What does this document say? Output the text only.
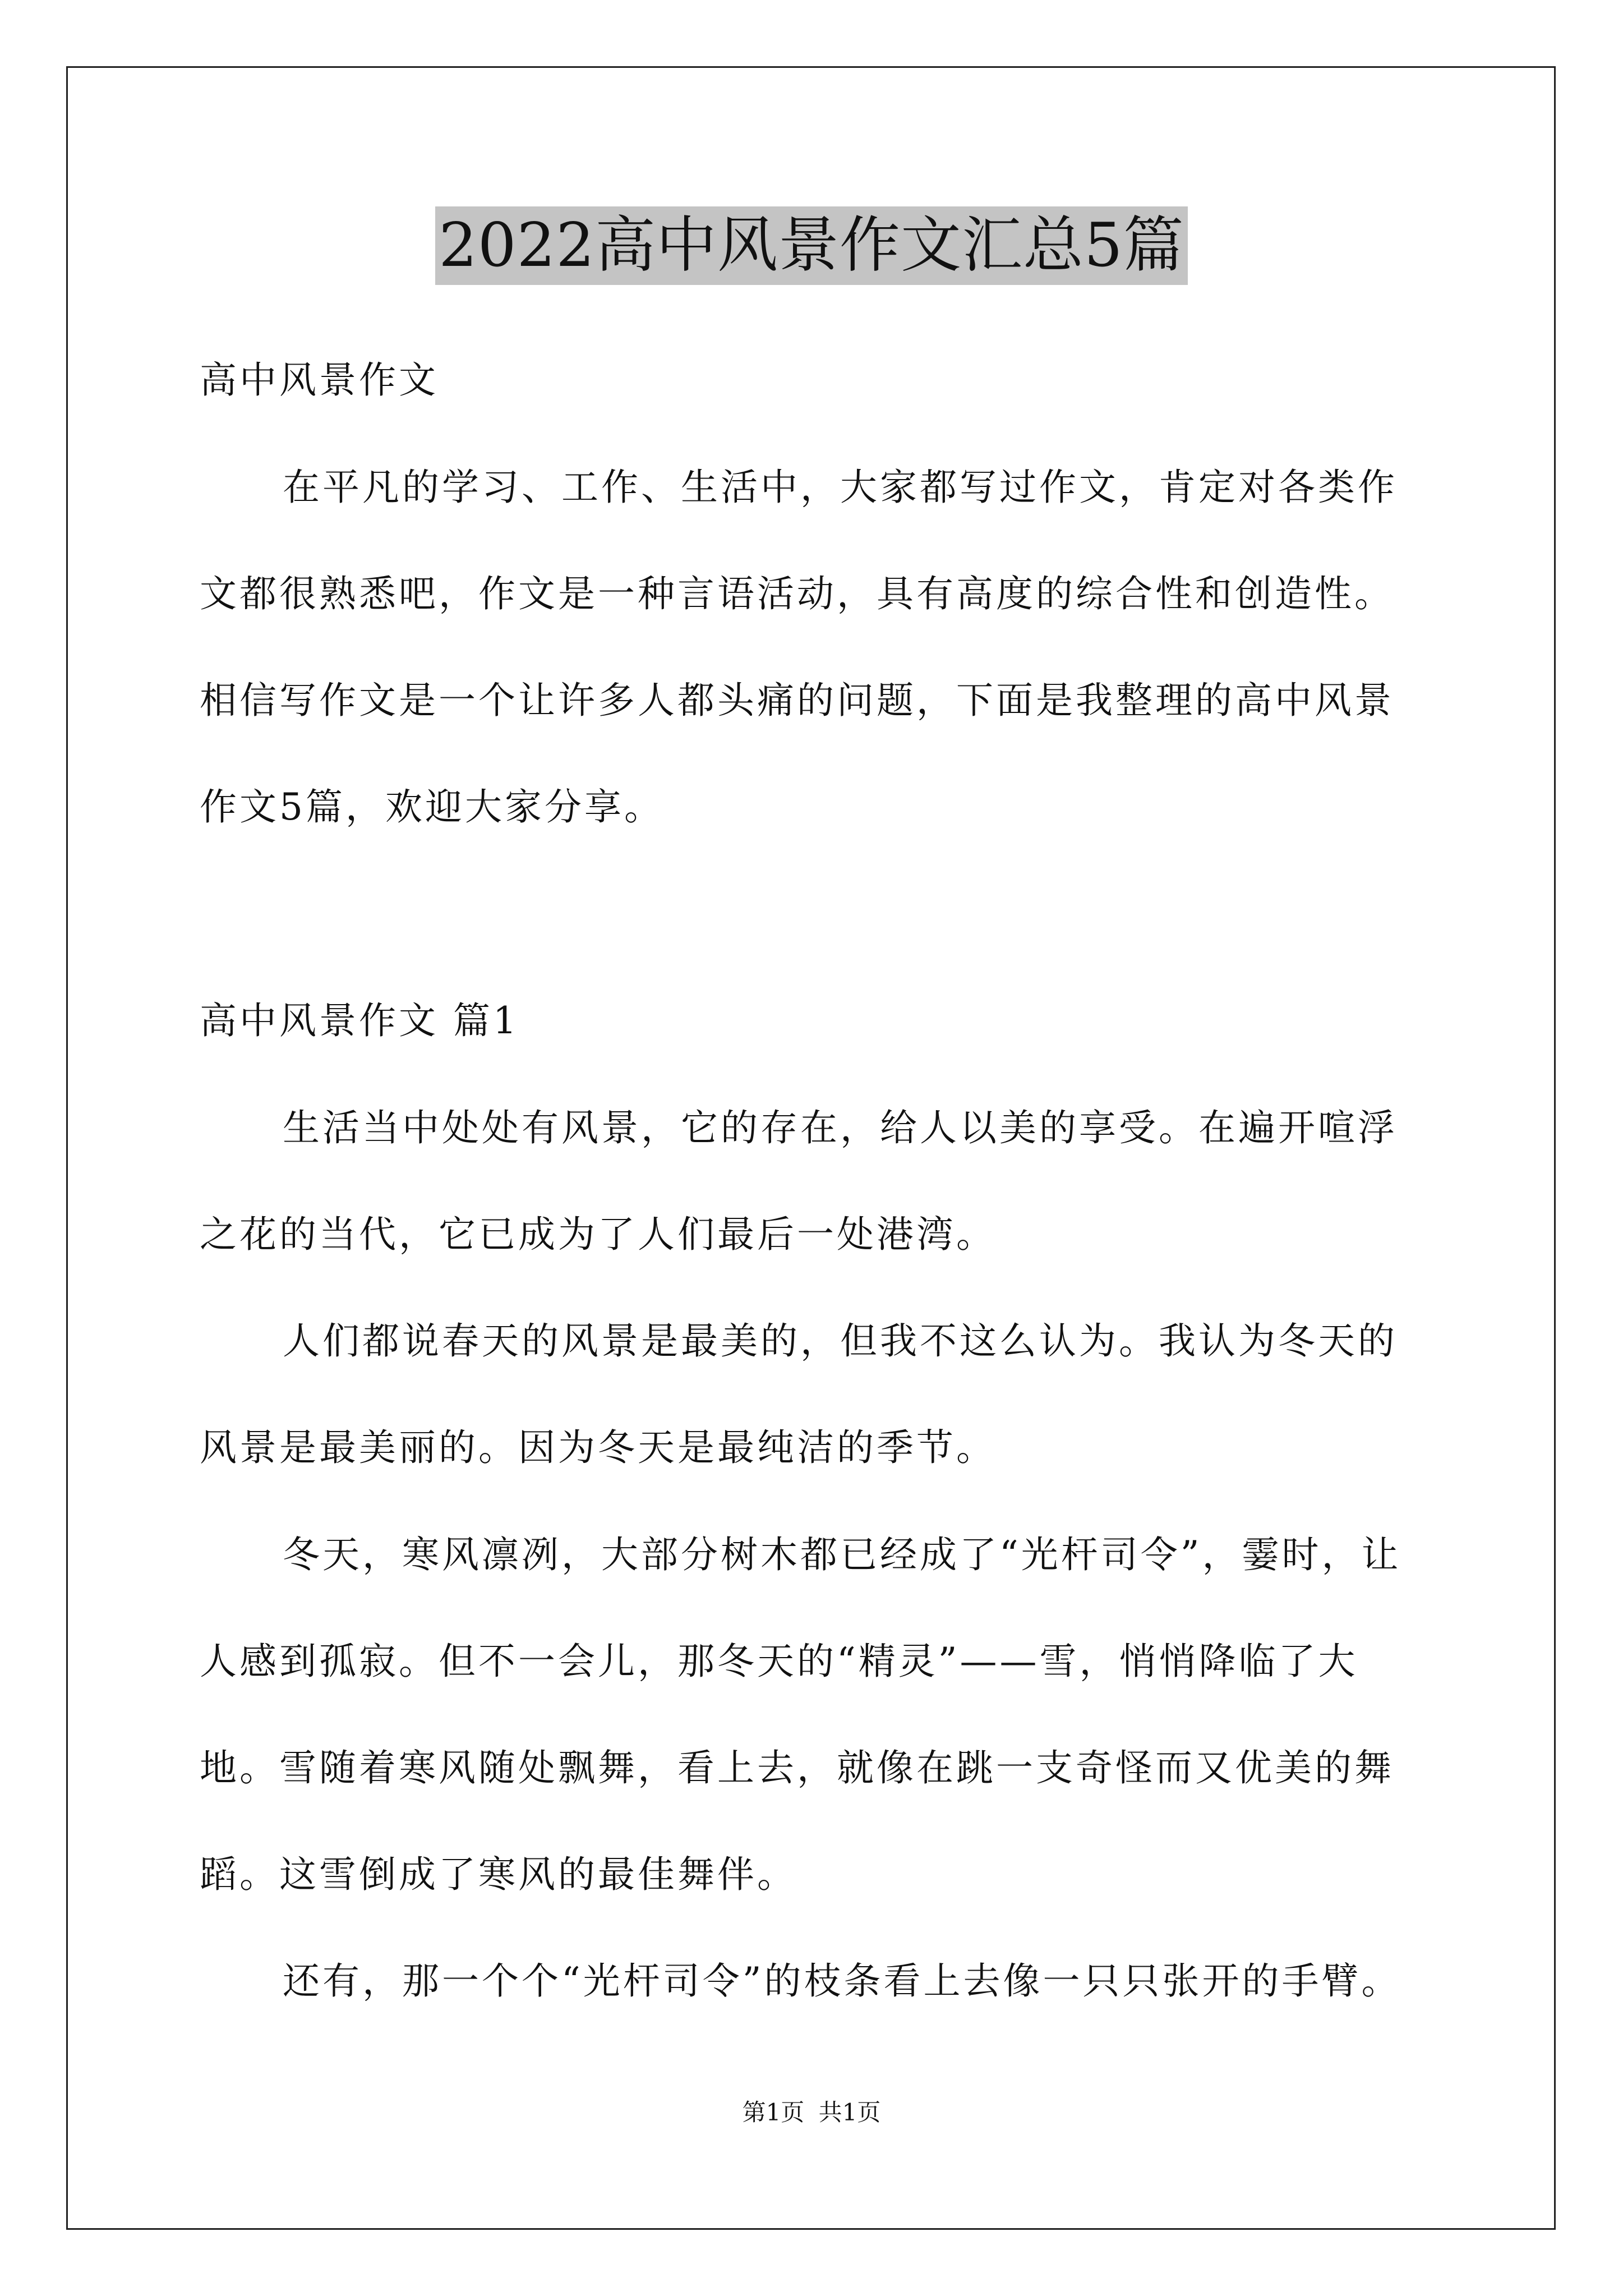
2022高中风景作文汇总5篇
高中风景作文
在平凡的学习、工作、生活中，大家都写过作文，肯定对各类作
文都很熟悉吧，作文是一种言语活动，具有高度的综合性和创造性。
相信写作文是一个让许多人都头痛的问题，下面是我整理的高中风景
作文5篇，欢迎大家分享。
高中风景作文 篇1
生活当中处处有风景，它的存在，给人以美的享受。在遍开喧浮
之花的当代，它已成为了人们最后一处港湾。
人们都说春天的风景是最美的，但我不这么认为。我认为冬天的
风景是最美丽的。因为冬天是最纯洁的季节。
冬天，寒风凛冽，大部分树木都已经成了“光杆司令”，霎时，让
人感到孤寂。但不一会儿，那冬天的“精灵”——雪，悄悄降临了大
地。雪随着寒风随处飘舞，看上去，就像在跳一支奇怪而又优美的舞
蹈。这雪倒成了寒风的最佳舞伴。
还有，那一个个“光杆司令”的枝条看上去像一只只张开的手臂。
第1页 共1页
